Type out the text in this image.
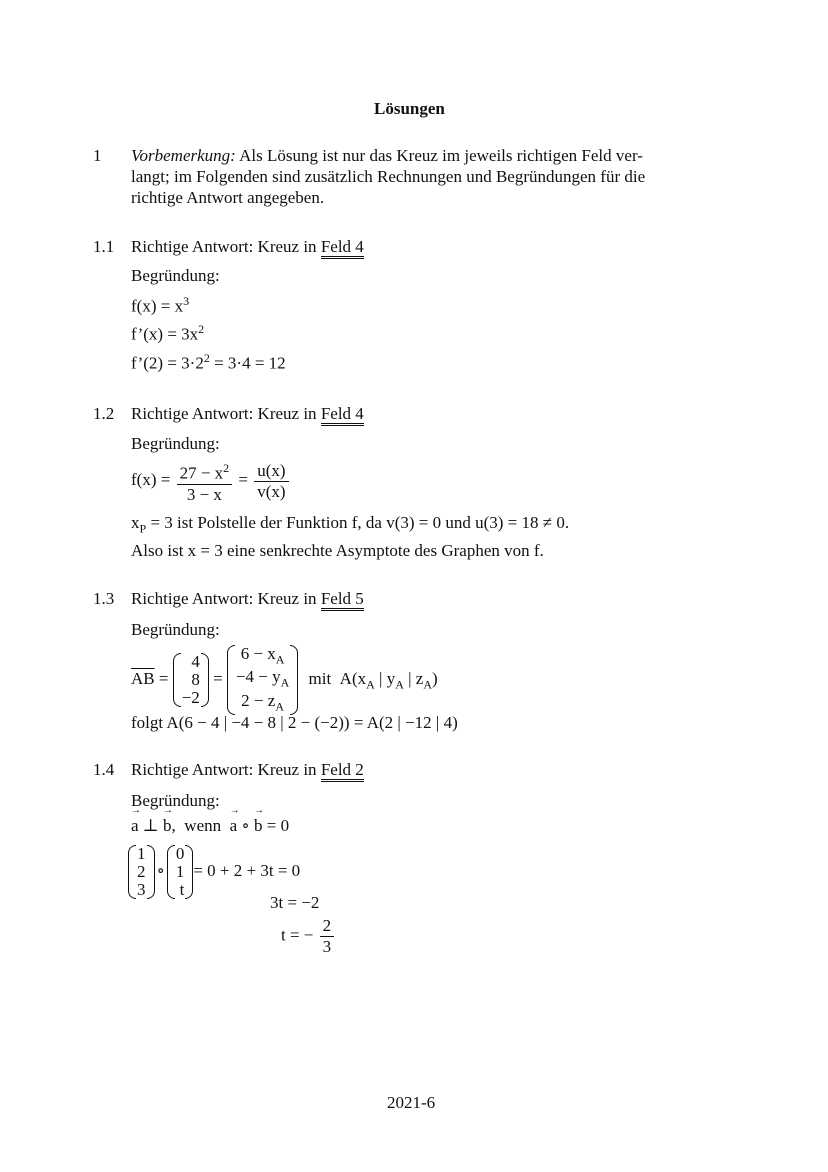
Lösungen
1 Vorbemerkung: Als Lösung ist nur das Kreuz im jeweils richtigen Feld ver-
langt; im Folgenden sind zusätzlich Rechnungen und Begründungen für die
richtige Antwort angegeben.
1.1 Richtige Antwort: Kreuz in Feld 4
Begründung:
$f(x) = x^3$
f’(x) = $3x^2$
f’(2) = $3\cdot 2^2 = 3\cdot 4 = 12$
1.2 Richtige Antwort: Kreuz in Feld 4
Begründung:
$f(x) = \frac{27 - x^2}{3 - x} = \frac{u(x)}{v(x)}$
$x_P = 3$ ist Polstelle der Funktion f, da v(3) = 0 und u(3) = 18 ≠ 0.
Also ist x = 3 eine senkrechte Asymptote des Graphen von f.
1.3 Richtige Antwort: Kreuz in Feld 5
Begründung:
$\overline{AB}$ =
4
8
−2
=
$6 - x_A$
$-4 - y_A$
$2 - z_A$
mit  $A(x_A$ | $y_A$ | $z_A$)
folgt A(6 − 4 | −4 − 8 | 2 − (−2)) = A(2 | −12 | 4)
1.4 Richtige Antwort: Kreuz in Feld 2
Begründung:
→ a ⊥ → b,  wenn  → a ∘ → b = 0
1
2
3
∘
0
1
t
= 0 + 2 + 3t = 0
3t = −2
t = − $\frac{2}{3}$
2021-6
